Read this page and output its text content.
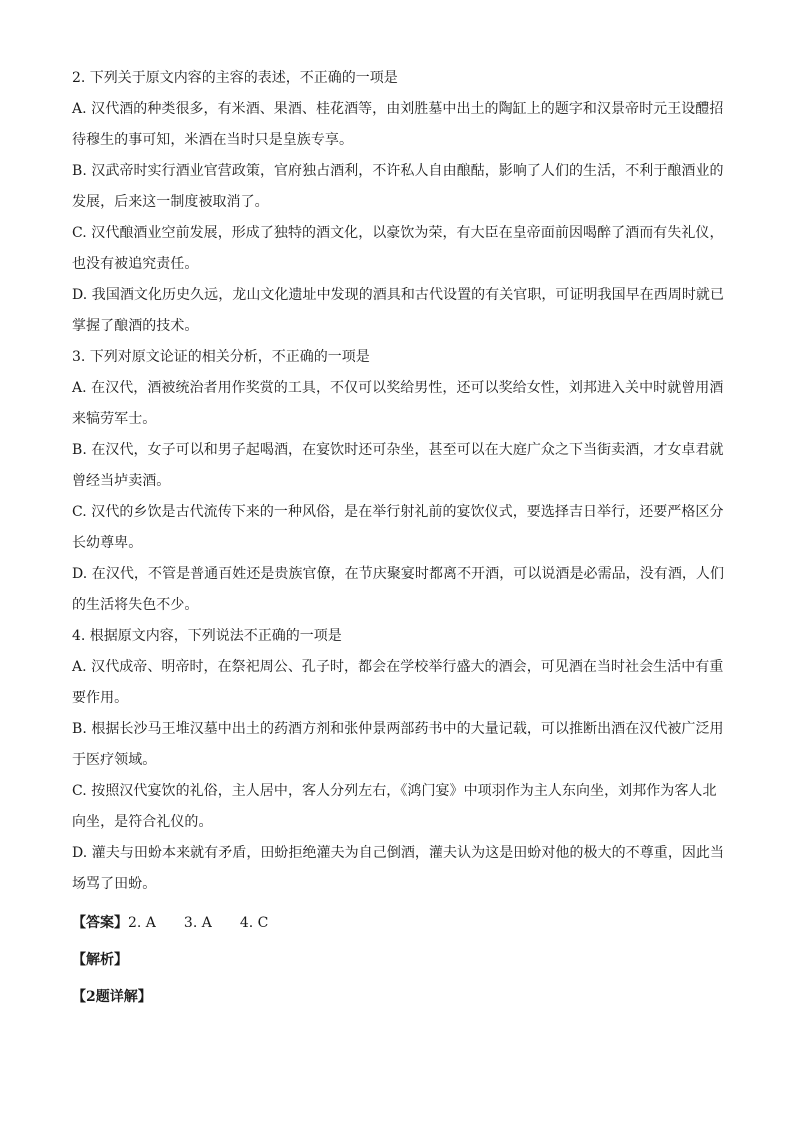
2. 下列关于原文内容的主容的表述，不正确的一项是
A. 汉代酒的种类很多，有米酒、果酒、桂花酒等，由刘胜墓中出土的陶缸上的题字和汉景帝时元王设醴招
待穆生的事可知，米酒在当时只是皇族专享。
B. 汉武帝时实行酒业官营政策，官府独占酒利，不许私人自由酿酤，影响了人们的生活，不利于酿酒业的
发展，后来这一制度被取消了。
C. 汉代酿酒业空前发展，形成了独特的酒文化，以豪饮为荣，有大臣在皇帝面前因喝醉了酒而有失礼仪，
也没有被追究责任。
D. 我国酒文化历史久远，龙山文化遗址中发现的酒具和古代设置的有关官职，可证明我国早在西周时就已
掌握了酿酒的技术。
3. 下列对原文论证的相关分析，不正确的一项是
A. 在汉代，酒被统治者用作奖赏的工具，不仅可以奖给男性，还可以奖给女性，刘邦进入关中时就曾用酒
来犒劳军士。
B. 在汉代，女子可以和男子起喝酒，在宴饮时还可杂坐，甚至可以在大庭广众之下当街卖酒，才女卓君就
曾经当垆卖酒。
C. 汉代的乡饮是古代流传下来的一种风俗，是在举行射礼前的宴饮仪式，要选择吉日举行，还要严格区分
长幼尊卑。
D. 在汉代，不管是普通百姓还是贵族官僚，在节庆聚宴时都离不开酒，可以说酒是必需品，没有酒，人们
的生活将失色不少。
4. 根据原文内容，下列说法不正确的一项是
A. 汉代成帝、明帝时，在祭祀周公、孔子时，都会在学校举行盛大的酒会，可见酒在当时社会生活中有重
要作用。
B. 根据长沙马王堆汉墓中出土的药酒方剂和张仲景两部药书中的大量记载，可以推断出酒在汉代被广泛用
于医疗领域。
C. 按照汉代宴饮的礼俗，主人居中，客人分列左右，《鸿门宴》中项羽作为主人东向坐，刘邦作为客人北
向坐，是符合礼仪的。
D. 灌夫与田蚡本来就有矛盾，田蚡拒绝灌夫为自己倒酒，灌夫认为这是田蚡对他的极大的不尊重，因此当
场骂了田蚡。
【答案】2. A 3. A 4. C
【解析】
【2题详解】
